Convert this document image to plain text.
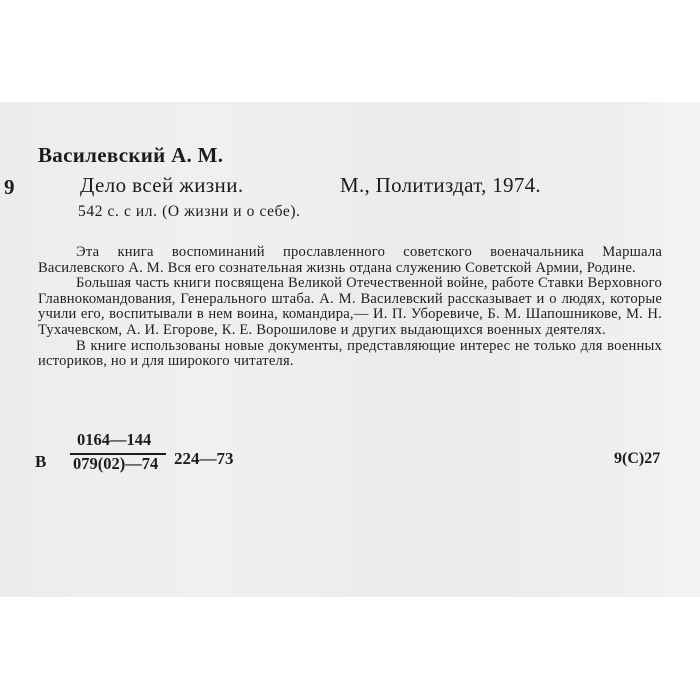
Василевский А. М.
9	Дело всей жизни.	М., Политиздат, 1974.
542 с. с ил. (О жизни и о себе).

Эта книга воспоминаний прославленного советского военачальника Маршала Василевского А. М. Вся его сознательная жизнь отдана служению Советской Армии, Родине.

Большая часть книги посвящена Великой Отечественной войне, работе Ставки Верховного Главнокомандования, Генерального штаба. А. М. Василевский рассказывает и о людях, которые учили его, воспитывали в нем воина, командира,— И. П. Уборевиче, Б. М. Шапошникове, М. Н. Тухачевском, А. И. Егорове, К. Е. Ворошилове и других выдающихся военных деятелях.

В книге использованы новые документы, представляющие интерес не только для военных историков, но и для широкого читателя.

В
0164—144
079(02)—74 224—73	9(С)27
